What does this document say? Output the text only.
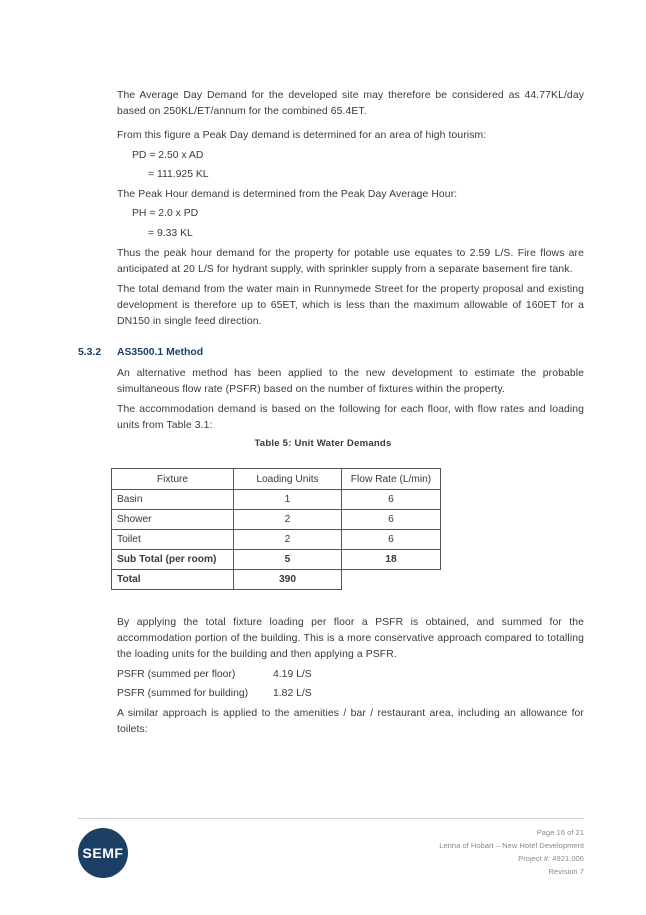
The Average Day Demand for the developed site may therefore be considered as 44.77KL/day based on 250KL/ET/annum for the combined 65.4ET.
From this figure a Peak Day demand is determined for an area of high tourism:
PD = 2.50 x AD
= 111.925 KL
The Peak Hour demand is determined from the Peak Day Average Hour:
PH = 2.0 x PD
= 9.33 KL
Thus the peak hour demand for the property for potable use equates to 2.59 L/S. Fire flows are anticipated at 20 L/S for hydrant supply, with sprinkler supply from a separate basement fire tank.
The total demand from the water main in Runnymede Street for the property proposal and existing development is therefore up to 65ET, which is less than the maximum allowable of 160ET for a DN150 in single feed direction.
5.3.2 AS3500.1 Method
An alternative method has been applied to the new development to estimate the probable simultaneous flow rate (PSFR) based on the number of fixtures within the property.
The accommodation demand is based on the following for each floor, with flow rates and loading units from Table 3.1:
Table 5: Unit Water Demands
Fixture	Loading Units	Flow Rate (L/min)
Basin	1	6
Shower	2	6
Toilet	2	6
Sub Total (per room)	5	18
Total	390	
By applying the total fixture loading per floor a PSFR is obtained, and summed for the accommodation portion of the building. This is a more conservative approach compared to totalling the loading units for the building and then applying a PSFR.
PSFR (summed per floor)	4.19 L/S
PSFR (summed for building) 1.82 L/S
A similar approach is applied to the amenities / bar / restaurant area, including an allowance for toilets:
SEMF
Page 16 of 21
Lenna of Hobart – New Hotel Development
Project #: 4921.006
Revision 7
